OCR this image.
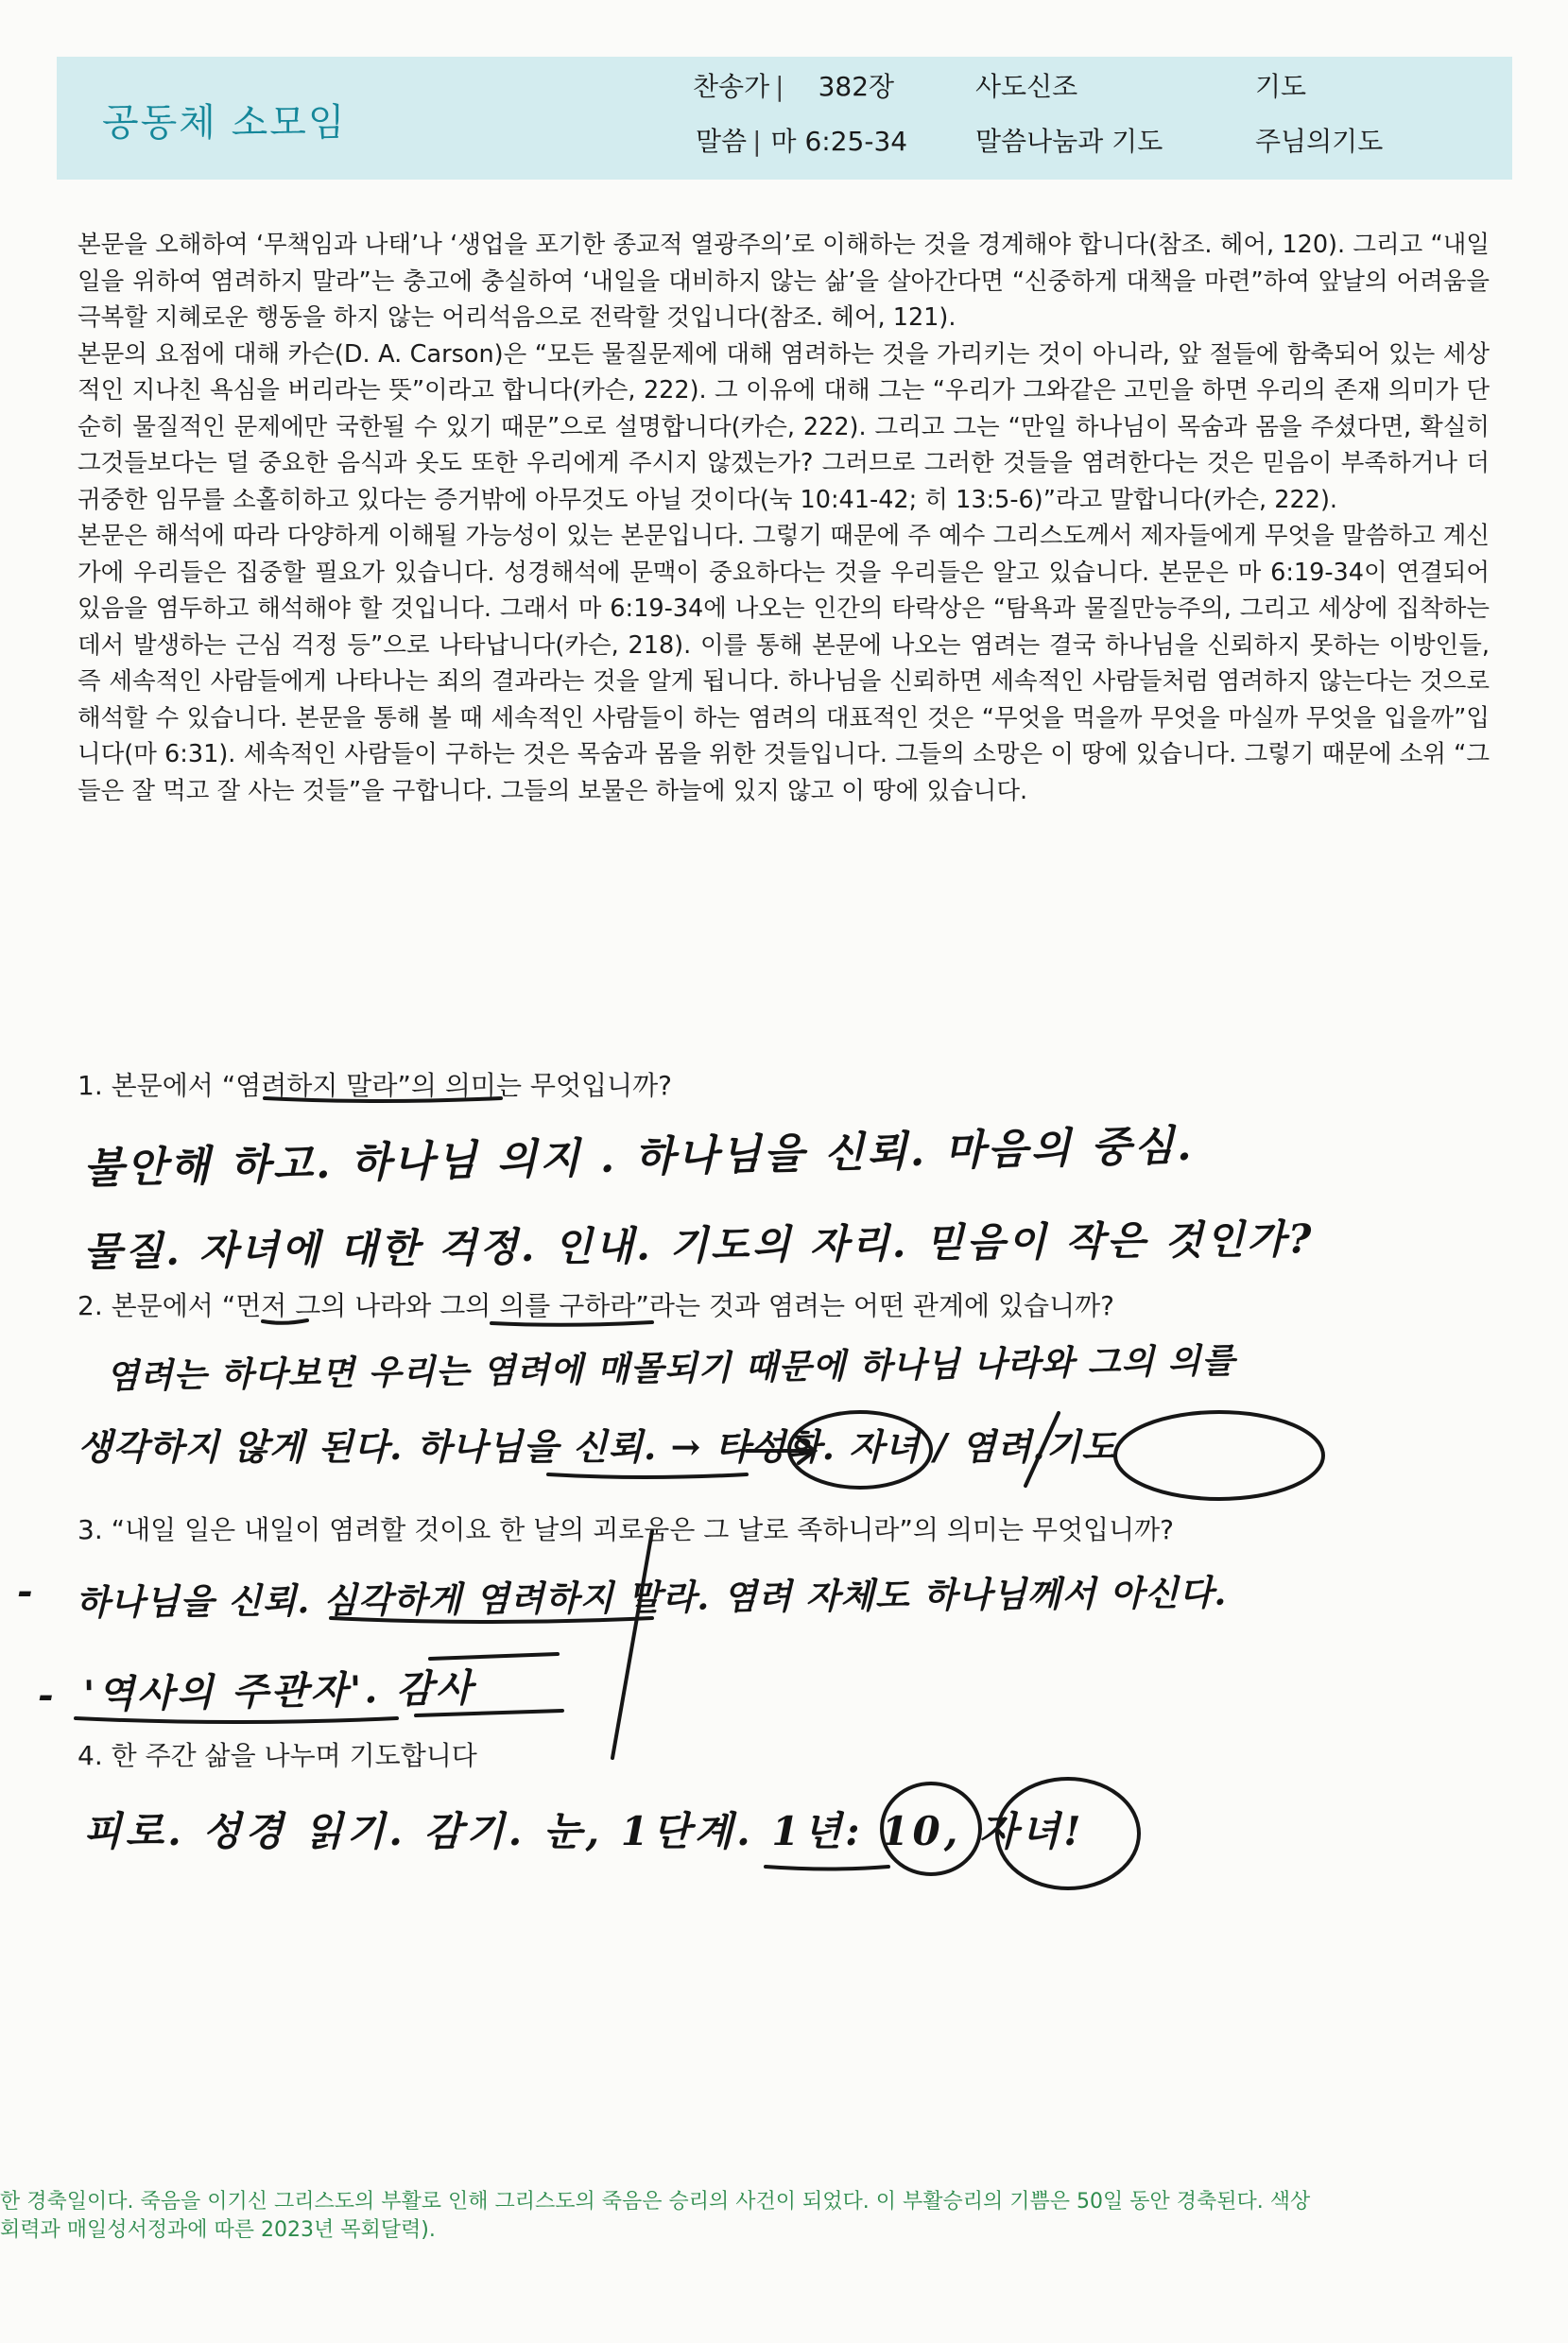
공동체 소모임
찬송가 | 382장	사도신조	기도
말씀 | 마 6:25-34	말씀나눔과 기도	주님의기도

본문을 오해하여 ‘무책임과 나태’나 ‘생업을 포기한 종교적 열광주의’로 이해하는 것을 경계해야 합니다(참조. 헤어, 120). 그리고 “내일 일을 위하여 염려하지 말라”는 충고에 충실하여 ‘내일을 대비하지 않는 삶’을 살아간다면 “신중하게 대책을 마련”하여 앞날의 어려움을 극복할 지혜로운 행동을 하지 않는 어리석음으로 전락할 것입니다(참조. 헤어, 121).

본문의 요점에 대해 카슨(D. A. Carson)은 “모든 물질문제에 대해 염려하는 것을 가리키는 것이 아니라, 앞 절들에 함축되어 있는 세상적인 지나친 욕심을 버리라는 뜻”이라고 합니다(카슨, 222). 그 이유에 대해 그는 “우리가 그와같은 고민을 하면 우리의 존재 의미가 단순히 물질적인 문제에만 국한될 수 있기 때문”으로 설명합니다(카슨, 222). 그리고 그는 “만일 하나님이 목숨과 몸을 주셨다면, 확실히 그것들보다는 덜 중요한 음식과 옷도 또한 우리에게 주시지 않겠는가? 그러므로 그러한 것들을 염려한다는 것은 믿음이 부족하거나 더 귀중한 임무를 소홀히하고 있다는 증거밖에 아무것도 아닐 것이다(눅 10:41-42; 히 13:5-6)”라고 말합니다(카슨, 222).

본문은 해석에 따라 다양하게 이해될 가능성이 있는 본문입니다. 그렇기 때문에 주 예수 그리스도께서 제자들에게 무엇을 말씀하고 계신가에 우리들은 집중할 필요가 있습니다. 성경해석에 문맥이 중요하다는 것을 우리들은 알고 있습니다. 본문은 마 6:19-34이 연결되어 있음을 염두하고 해석해야 할 것입니다. 그래서 마 6:19-34에 나오는 인간의 타락상은 “탐욕과 물질만능주의, 그리고 세상에 집착하는 데서 발생하는 근심 걱정 등”으로 나타납니다(카슨, 218). 이를 통해 본문에 나오는 염려는 결국 하나님을 신뢰하지 못하는 이방인들, 즉 세속적인 사람들에게 나타나는 죄의 결과라는 것을 알게 됩니다. 하나님을 신뢰하면 세속적인 사람들처럼 염려하지 않는다는 것으로 해석할 수 있습니다. 본문을 통해 볼 때 세속적인 사람들이 하는 염려의 대표적인 것은 “무엇을 먹을까 무엇을 마실까 무엇을 입을까”입니다(마 6:31). 세속적인 사람들이 구하는 것은 목숨과 몸을 위한 것들입니다. 그들의 소망은 이 땅에 있습니다. 그렇기 때문에 소위 “그들은 잘 먹고 잘 사는 것들”을 구합니다. 그들의 보물은 하늘에 있지 않고 이 땅에 있습니다.

1. 본문에서 “염려하지 말라”의 의미는 무엇입니까?
2. 본문에서 “먼저 그의 나라와 그의 의를 구하라”라는 것과 염려는 어떤 관계에 있습니까?
3. “내일 일은 내일이 염려할 것이요 한 날의 괴로움은 그 날로 족하니라”의 의미는 무엇입니까?
4. 한 주간 삶을 나누며 기도합니다
불안해 하고. 하나님 의지 . 하나님을 신뢰. 마음의 중심.
물질. 자녀에 대한 걱정. 인내. 기도의 자리. 믿음이 작은 것인가?
염려는 하다보면 우리는 염려에 매몰되기 때문에 하나님 나라와 그의 의를
생각하지 않게 된다. 하나님을 신뢰. → 타성화. 자녀 / 염려.기도
- 하나님을 신뢰. 심각하게 염려하지 말라. 염려 자체도 하나님께서 아신다.
- '역사의 주관자'. 감사
피로. 성경 읽기. 감기. 눈, 1단계. 1년: 10, 자녀!

한 경축일이다. 죽음을 이기신 그리스도의 부활로 인해 그리스도의 죽음은 승리의 사건이 되었다. 이 부활승리의 기쁨은 50일 동안 경축된다. 색상

회력과 매일성서정과에 따른 2023년 목회달력).
